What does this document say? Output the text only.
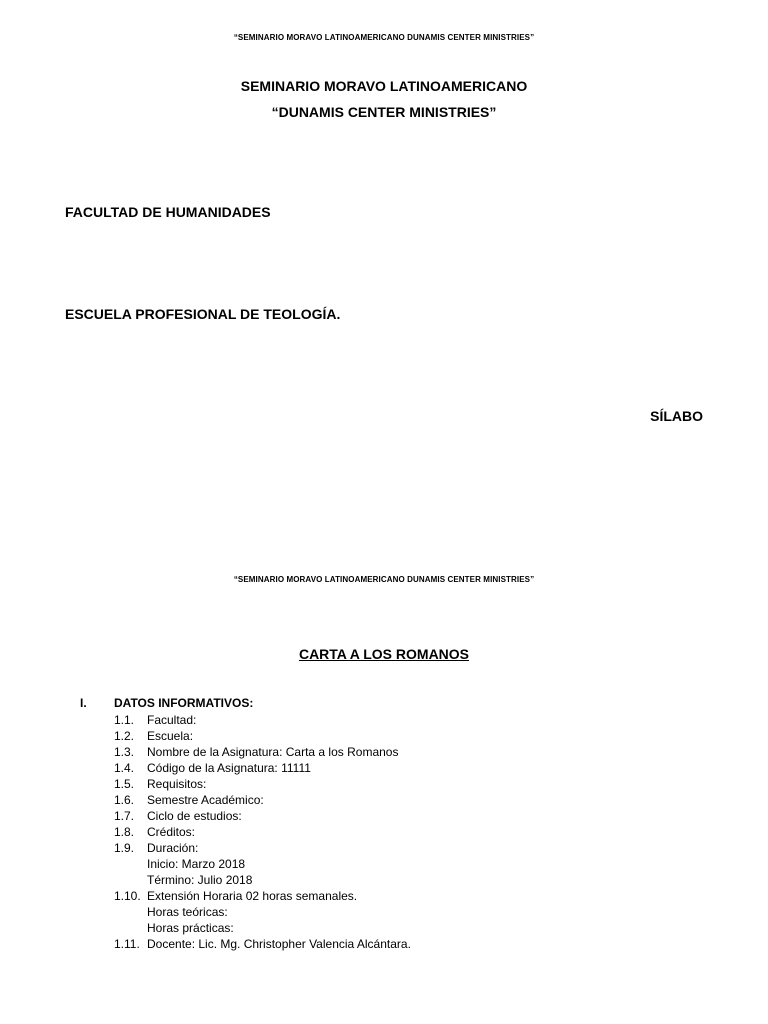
“SEMINARIO MORAVO LATINOAMERICANO DUNAMIS CENTER MINISTRIES”
SEMINARIO MORAVO LATINOAMERICANO
“DUNAMIS CENTER MINISTRIES”
FACULTAD DE HUMANIDADES
ESCUELA PROFESIONAL DE TEOLOGÍA.
SÍLABO
“SEMINARIO MORAVO LATINOAMERICANO DUNAMIS CENTER MINISTRIES”
CARTA A LOS ROMANOS
I. DATOS INFORMATIVOS:
1.1. Facultad:
1.2. Escuela:
1.3. Nombre de la Asignatura: Carta a los Romanos
1.4. Código de la Asignatura: 11111
1.5. Requisitos:
1.6. Semestre Académico:
1.7. Ciclo de estudios:
1.8. Créditos:
1.9. Duración:
Inicio: Marzo 2018
Término: Julio 2018
1.10. Extensión Horaria 02 horas semanales.
Horas teóricas:
Horas prácticas:
1.11. Docente: Lic. Mg. Christopher Valencia Alcántara.
